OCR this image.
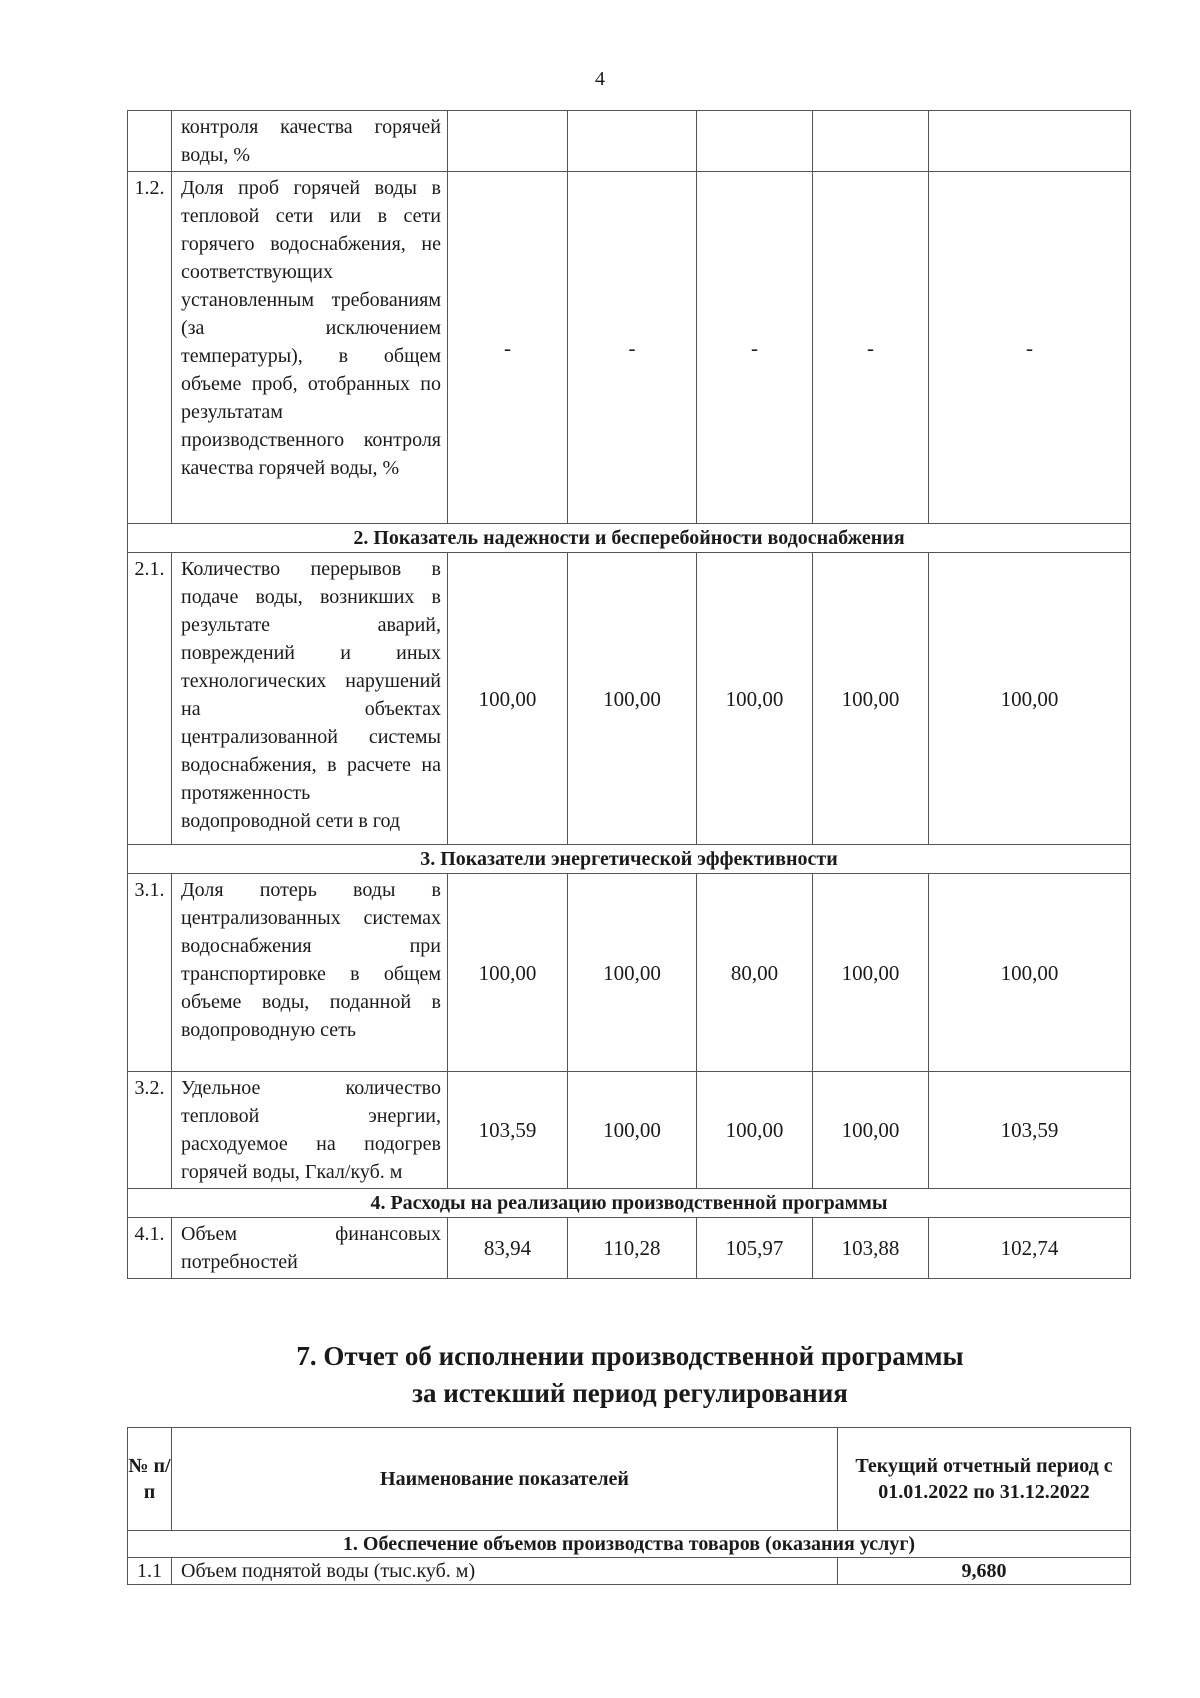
4
	контроля качества горячей воды, %					
1.2.	Доля проб горячей воды в тепловой сети или в сети горячего водоснабжения, не соответствующих установленным требованиям (за исключением температуры), в общем объеме проб, отобранных по результатам производственного контроля качества горячей воды, %	-	-	-	-	-
2. Показатель надежности и бесперебойности водоснабжения						
2.1.	Количество перерывов в подаче воды, возникших в результате аварий, повреждений и иных технологических нарушений на объектах централизованной системы водоснабжения, в расчете на протяженность водопроводной сети в год	100,00	100,00	100,00	100,00	100,00
3. Показатели энергетической эффективности						
3.1.	Доля потерь воды в централизованных системах водоснабжения при транспортировке в общем объеме воды, поданной в водопроводную сеть	100,00	100,00	80,00	100,00	100,00
3.2.	Удельное количество тепловой энергии, расходуемое на подогрев горячей воды, Гкал/куб. м	103,59	100,00	100,00	100,00	103,59
4. Расходы на реализацию производственной программы						
4.1.	Объем финансовых потребностей	83,94	110,28	105,97	103,88	102,74
7. Отчет об исполнении производственной программы
за истекший период регулирования
№ п/п	Наименование показателей	Текущий отчетный период с 01.01.2022 по 31.12.2022
1. Обеспечение объемов производства товаров (оказания услуг)		
1.1	Объем поднятой воды (тыс.куб. м)	9,680
